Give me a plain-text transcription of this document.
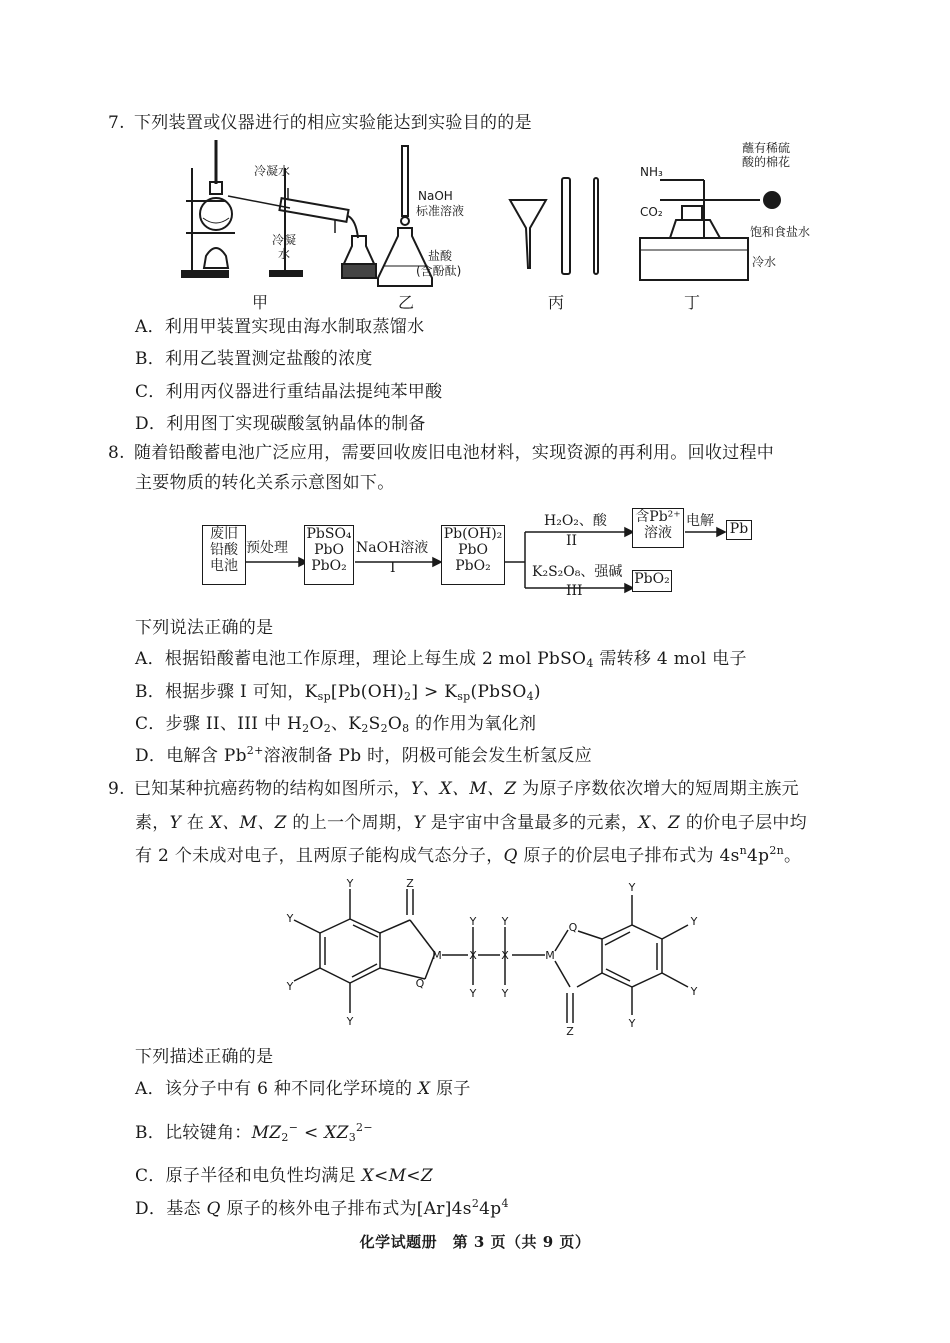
7. 下列装置或仪器进行的相应实验能达到实验目的的是
冷凝水
冷凝
水
NaOH
标准溶液
盐酸
(含酚酞)
NH₃
CO₂
蘸有稀硫
酸的棉花
饱和食盐水
冷水
甲	乙	丙	丁
A．利用甲装置实现由海水制取蒸馏水
B．利用乙装置测定盐酸的浓度
C．利用丙仪器进行重结晶法提纯苯甲酸
D．利用图丁实现碳酸氢钠晶体的制备
8. 随着铅酸蓄电池广泛应用，需要回收废旧电池材料，实现资源的再利用。回收过程中
主要物质的转化关系示意图如下。
废旧
铅酸
电池
预处理
PbSO₄
PbO
PbO₂
NaOH溶液
I
Pb(OH)₂
PbO
PbO₂
H₂O₂、酸
II
含Pb²⁺
溶液
电解 Pb
K₂S₂O₈、强碱
III
PbO₂
下列说法正确的是
A．根据铅酸蓄电池工作原理，理论上每生成 2 mol PbSO$_4$ 需转移 4 mol 电子
B．根据步骤 I 可知，$K_{sp}[Pb(OH)_2]$ > $K_{sp}(PbSO_4)$
C．步骤 II、III 中 $H_2O_2$、$K_2S_2O_8$ 的作用为氧化剂
D．电解含 $Pb^{2+}$溶液制备 Pb 时，阴极可能会发生析氢反应
9. 已知某种抗癌药物的结构如图所示，Y、X、M、Z 为原子序数依次增大的短周期主族元
素，Y 在 X、M、Z 的上一个周期，Y 是宇宙中含量最多的元素，X、Z 的价电子层中均
有 2 个未成对电子，且两原子能构成气态分子，Q 原子的价层电子排布式为 $4s^n4p^{2n}$。
Y
Y
Y
Y
Z
M
Q
Y Y
Y Y
X X	M
Q
Z
Y
Y
Y
Y
下列描述正确的是
A．该分子中有 6 种不同化学环境的 X 原子
B．比较键角：$MZ_2^- < XZ_3^{2-}$
C．原子半径和电负性均满足 X<M<Z
D．基态 Q 原子的核外电子排布式为$[Ar]4s^24p^4$
化学试题册　第 3 页（共 9 页）
